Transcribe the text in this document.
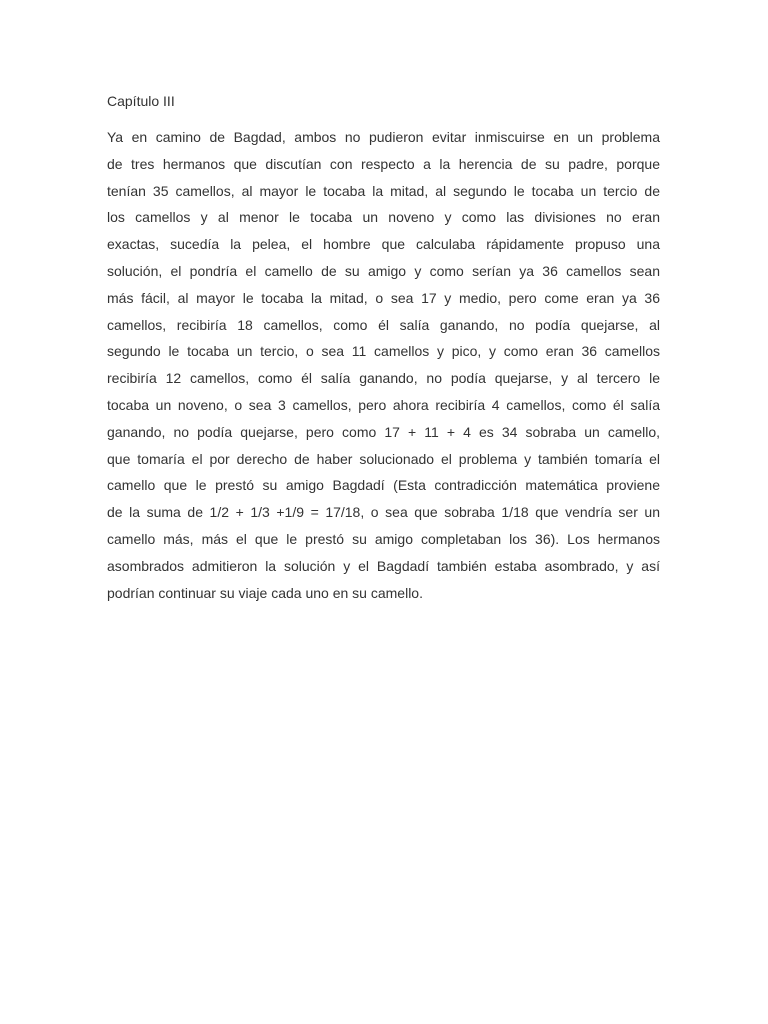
Capítulo III
Ya en camino de Bagdad, ambos no pudieron evitar inmiscuirse en un problema
de tres hermanos que discutían con respecto a la herencia de su padre, porque
tenían 35 camellos, al mayor le tocaba la mitad, al segundo le tocaba un tercio de
los camellos y al menor le tocaba un noveno y como las divisiones no eran
exactas, sucedía la pelea, el hombre que calculaba rápidamente propuso una
solución, el pondría el camello de su amigo y como serían ya 36 camellos sean
más fácil, al mayor le tocaba la mitad, o sea 17 y medio, pero come eran ya 36
camellos, recibiría 18 camellos, como él salía ganando, no podía quejarse, al
segundo le tocaba un tercio, o sea 11 camellos y pico, y como eran 36 camellos
recibiría 12 camellos, como él salía ganando, no podía quejarse, y al tercero le
tocaba un noveno, o sea 3 camellos, pero ahora recibiría 4 camellos, como él salía
ganando, no podía quejarse, pero como 17 + 11 + 4 es 34 sobraba un camello,
que tomaría el por derecho de haber solucionado el problema y también tomaría el
camello que le prestó su amigo Bagdadí (Esta contradicción matemática proviene
de la suma de 1/2 + 1/3 +1/9 = 17/18, o sea que sobraba 1/18 que vendría ser un
camello más, más el que le prestó su amigo completaban los 36). Los hermanos
asombrados admitieron la solución y el Bagdadí también estaba asombrado, y así
podrían continuar su viaje cada uno en su camello.
